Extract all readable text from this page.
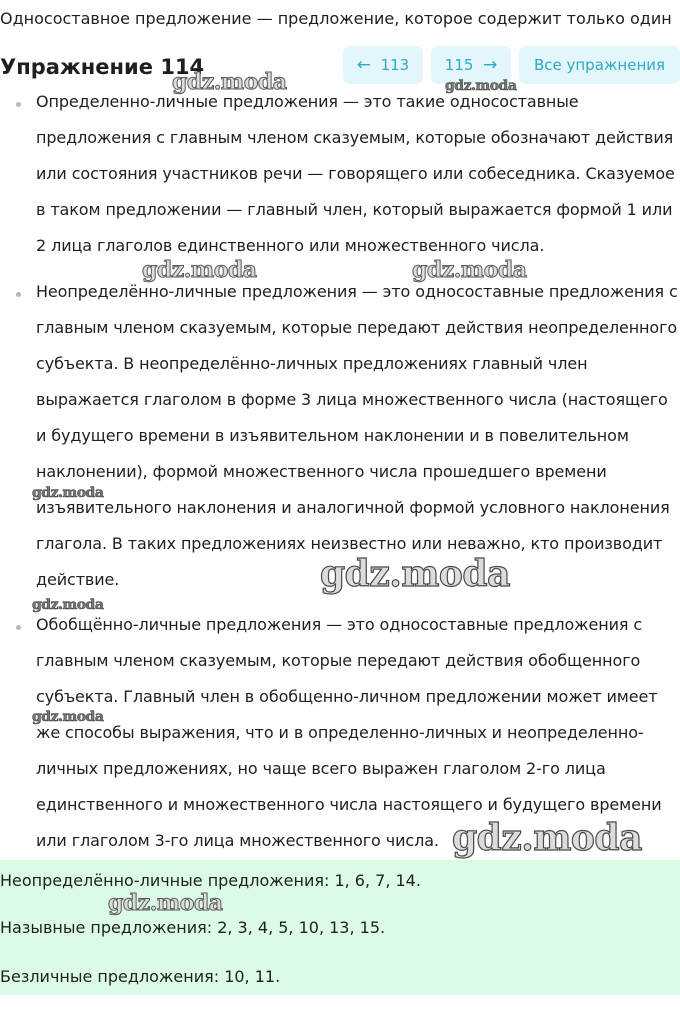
Односоставное предложение — предложение, которое содержит только один
Упражнение 114	← 113	115 →	Все упражнения
Определенно-личные предложения — это такие односоставные предложения с главным членом сказуемым, которые обозначают действия или состояния участников речи — говорящего или собеседника. Сказуемое в таком предложении — главный член, который выражается формой 1 или 2 лица глаголов единственного или множественного числа.
Неопределённо-личные предложения — это односоставные предложения с главным членом сказуемым, которые передают действия неопределенного субъекта. В неопределённо-личных предложениях главный член выражается глаголом в форме 3 лица множественного числа (настоящего и будущего времени в изъявительном наклонении и в повелительном наклонении), формой множественного числа прошедшего времени изъявительного наклонения и аналогичной формой условного наклонения глагола. В таких предложениях неизвестно или неважно, кто производит действие.
Обобщённо-личные предложения — это односоставные предложения с главным членом сказуемым, которые передают действия обобщенного субъекта. Главный член в обобщенно-личном предложении может имеет же способы выражения, что и в определенно-личных и неопределенно-личных предложениях, но чаще всего выражен глаголом 2-го лица единственного и множественного числа настоящего и будущего времени или глаголом 3-го лица множественного числа.
Неопределённо-личные предложения: 1, 6, 7, 14.
Назывные предложения: 2, 3, 4, 5, 10, 13, 15.
Безличные предложения: 10, 11.
gdz.moda	gdz.moda
gdz.moda	gdz.moda
gdz.moda
gdz.moda
gdz.moda
gdz.moda
gdz.moda
gdz.moda
